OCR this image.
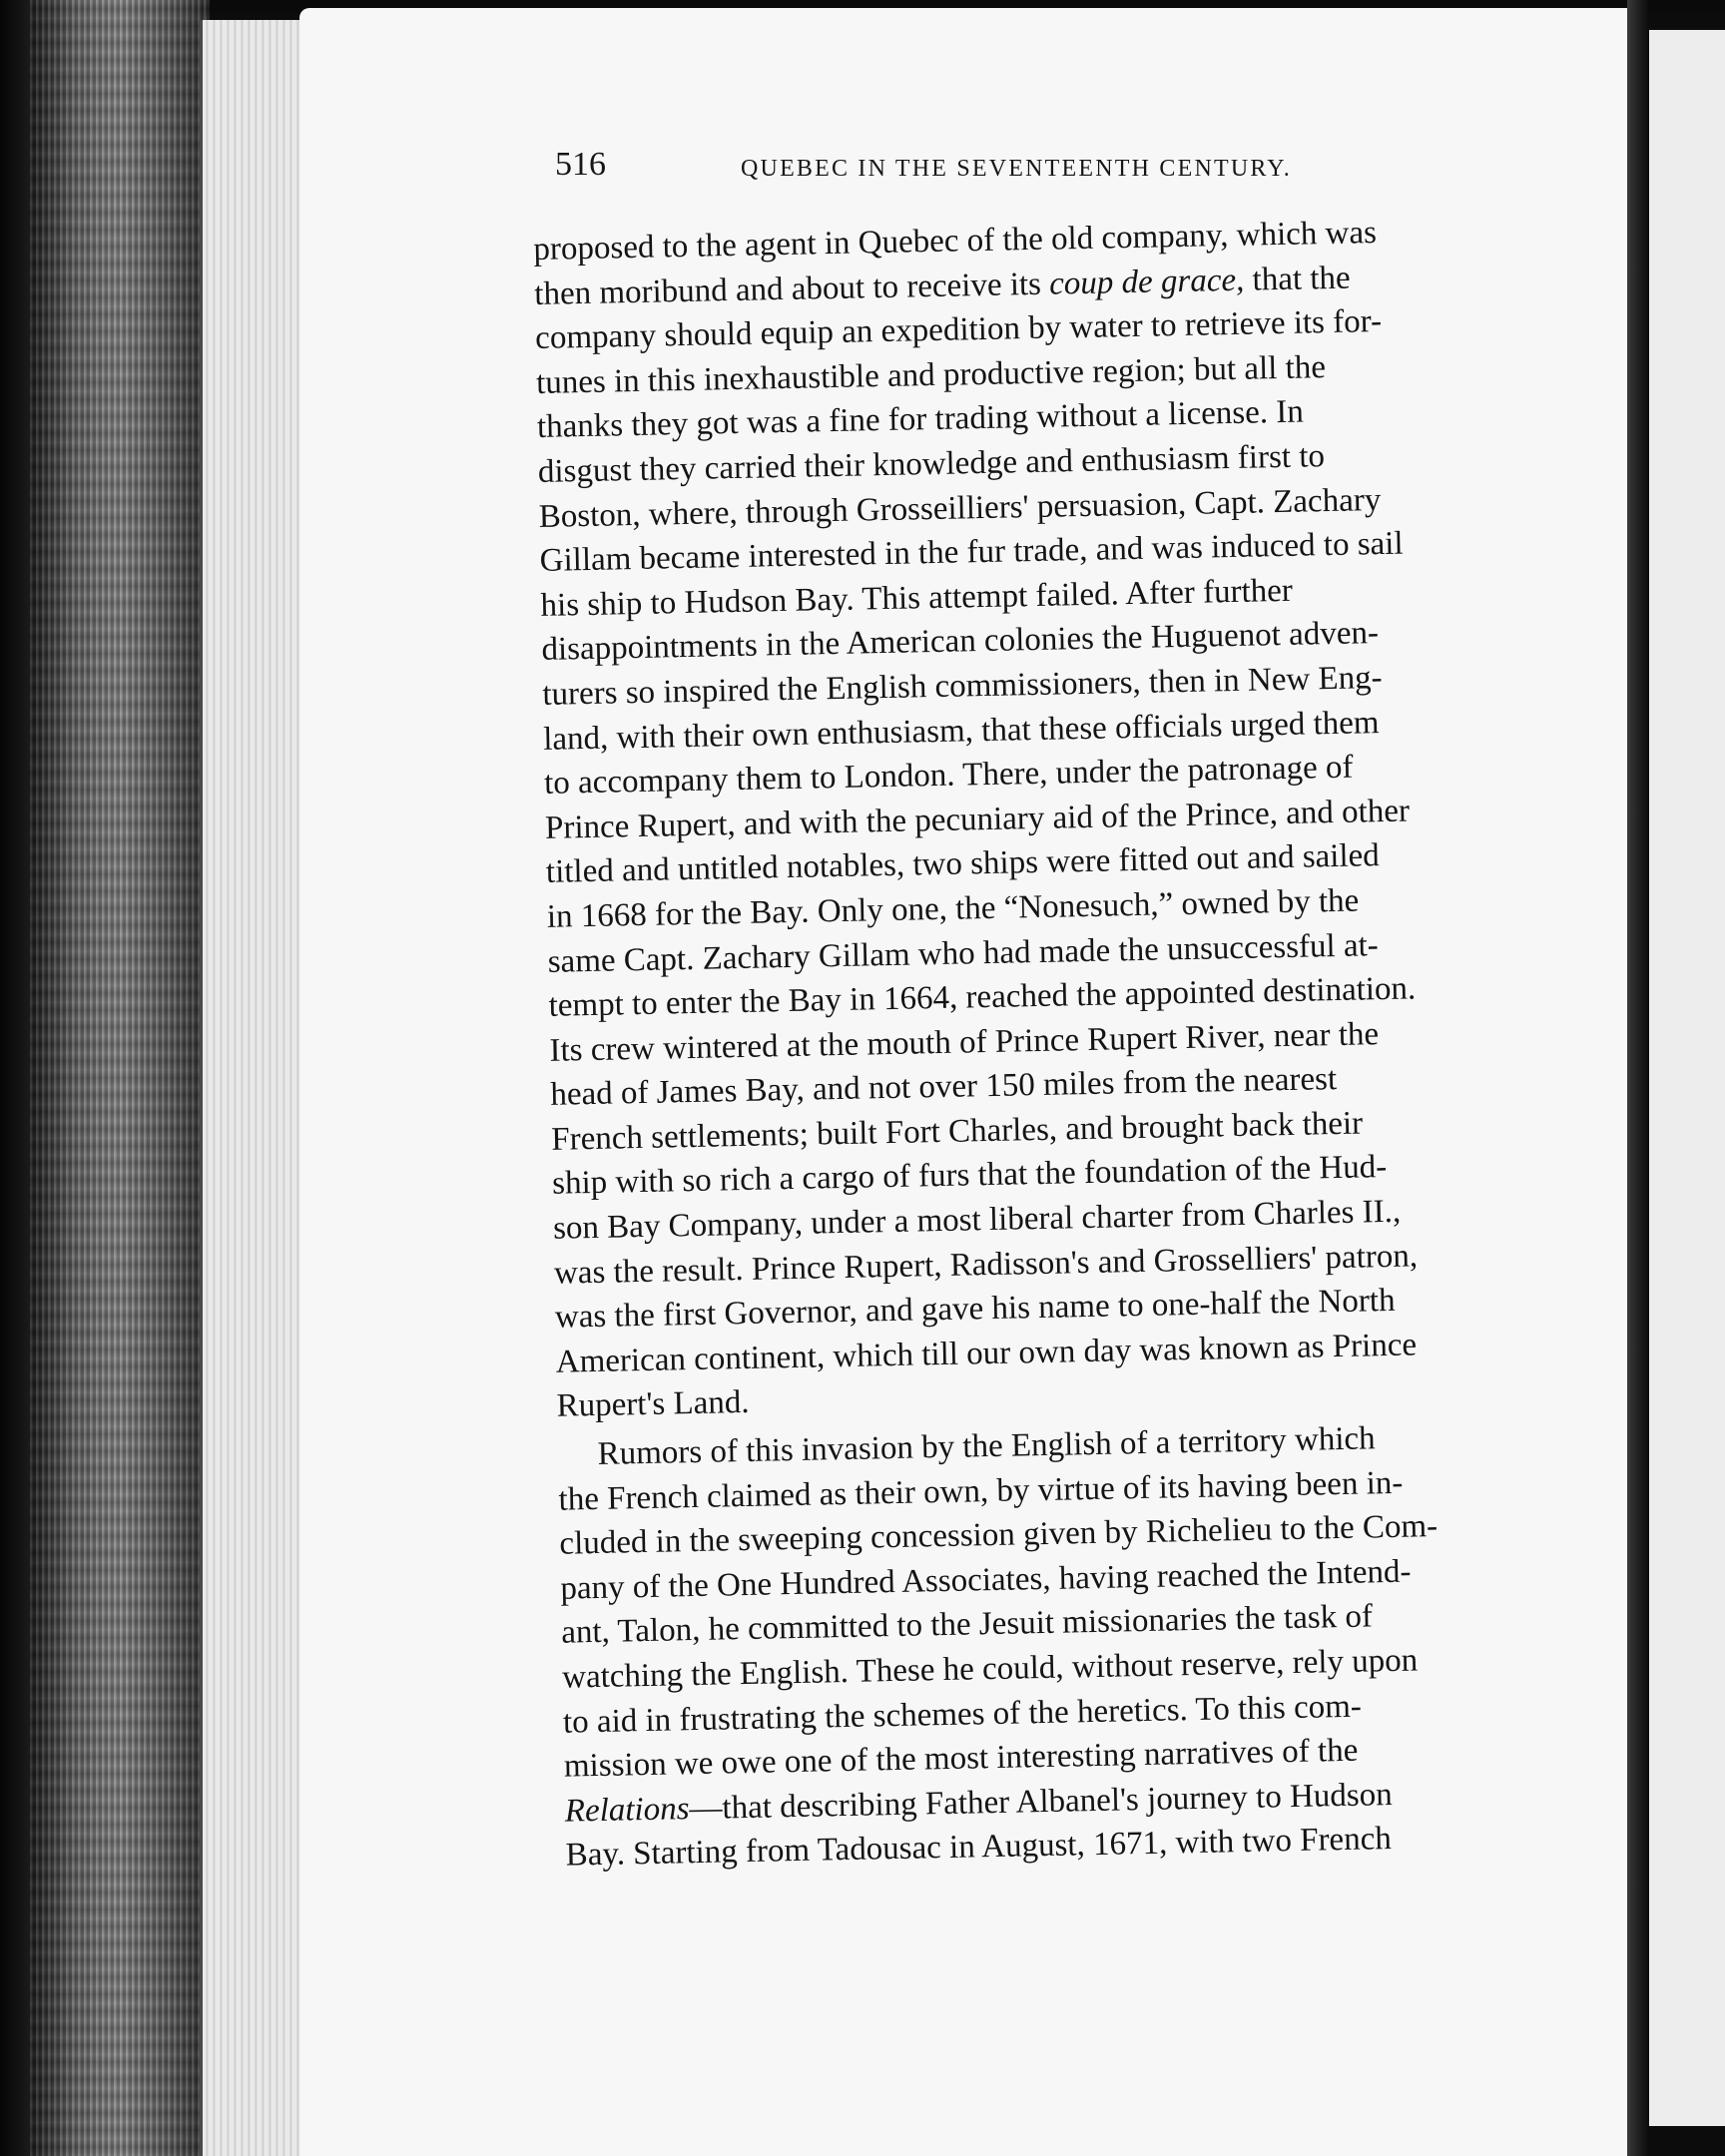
516	QUEBEC IN THE SEVENTEENTH CENTURY.
proposed to the agent in Quebec of the old company, which was
then moribund and about to receive its coup de grace, that the
company should equip an expedition by water to retrieve its for-
tunes in this inexhaustible and productive region; but all the
thanks they got was a fine for trading without a license. In
disgust they carried their knowledge and enthusiasm first to
Boston, where, through Grosseilliers' persuasion, Capt. Zachary
Gillam became interested in the fur trade, and was induced to sail
his ship to Hudson Bay. This attempt failed. After further
disappointments in the American colonies the Huguenot adven-
turers so inspired the English commissioners, then in New Eng-
land, with their own enthusiasm, that these officials urged them
to accompany them to London. There, under the patronage of
Prince Rupert, and with the pecuniary aid of the Prince, and other
titled and untitled notables, two ships were fitted out and sailed
in 1668 for the Bay. Only one, the “Nonesuch,” owned by the
same Capt. Zachary Gillam who had made the unsuccessful at-
tempt to enter the Bay in 1664, reached the appointed destination.
Its crew wintered at the mouth of Prince Rupert River, near the
head of James Bay, and not over 150 miles from the nearest
French settlements; built Fort Charles, and brought back their
ship with so rich a cargo of furs that the foundation of the Hud-
son Bay Company, under a most liberal charter from Charles II.,
was the result. Prince Rupert, Radisson's and Grosselliers' patron,
was the first Governor, and gave his name to one-half the North
American continent, which till our own day was known as Prince
Rupert's Land.
Rumors of this invasion by the English of a territory which
the French claimed as their own, by virtue of its having been in-
cluded in the sweeping concession given by Richelieu to the Com-
pany of the One Hundred Associates, having reached the Intend-
ant, Talon, he committed to the Jesuit missionaries the task of
watching the English. These he could, without reserve, rely upon
to aid in frustrating the schemes of the heretics. To this com-
mission we owe one of the most interesting narratives of the
Relations—that describing Father Albanel's journey to Hudson
Bay. Starting from Tadousac in August, 1671, with two French
